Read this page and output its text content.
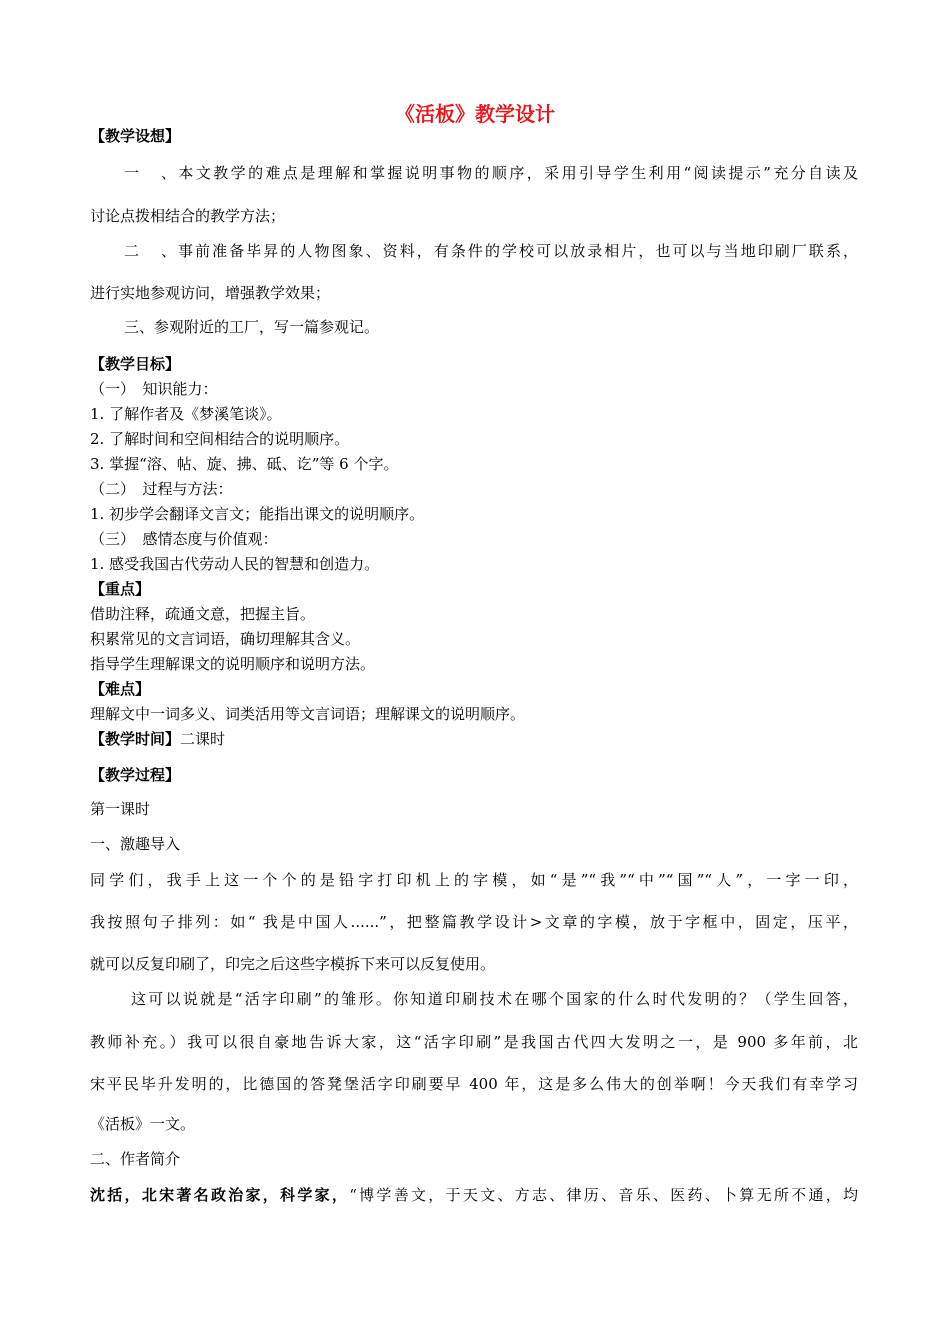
《活板》教学设计
【教学设想】
一、本文教学的难点是理解和掌握说明事物的顺序，采用引导学生利用“阅读提示”充分自读及
讨论点拨相结合的教学方法；
二、事前准备毕昇的人物图象、资料，有条件的学校可以放录相片，也可以与当地印刷厂联系，
进行实地参观访问，增强教学效果；
三、参观附近的工厂，写一篇参观记。
【教学目标】
（一）　知识能力：
1. 了解作者及《梦溪笔谈》。
2. 了解时间和空间相结合的说明顺序。
3. 掌握“溶、帖、旋、拂、砥、讫”等 6 个字。
（二）　过程与方法：
1. 初步学会翻译文言文；能指出课文的说明顺序。
（三）　感情态度与价值观：
1. 感受我国古代劳动人民的智慧和创造力。
【重点】
借助注释，疏通文意，把握主旨。
积累常见的文言词语，确切理解其含义。
指导学生理解课文的说明顺序和说明方法。
【难点】
理解文中一词多义、词类活用等文言词语；理解课文的说明顺序。
【教学时间】二课时
【教学过程】
第一课时
一、激趣导入
同学们，我手上这一个个的是铅字打印机上的字模，如“是”“我”“中”“国”“人”，一字一印，
我按照句子排列：如“ 我是中国人......”，把整篇教学设计>文章的字模，放于字框中，固定，压平，
就可以反复印刷了，印完之后这些字模拆下来可以反复使用。
这可以说就是“活字印刷”的雏形。你知道印刷技术在哪个国家的什么时代发明的？（学生回答，
教师补充。）我可以很自豪地告诉大家，这“活字印刷”是我国古代四大发明之一，是 900 多年前，北
宋平民毕升发明的，比德国的答凳堡活字印刷要早 400 年，这是多么伟大的创举啊！今天我们有幸学习
《活板》一文。
二、作者简介
沈括，北宋著名政治家，科学家，“博学善文，于天文、方志、律历、音乐、医药、卜算无所不通，均
